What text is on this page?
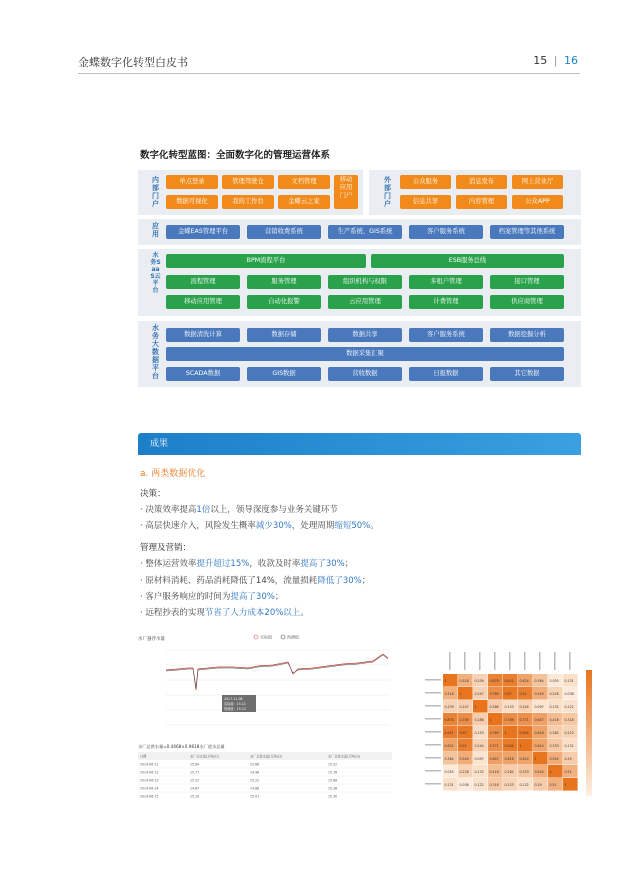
金蝶数字化转型白皮书	15 | 16
数字化转型蓝图：全面数字化的管理运营体系
内部门户
单点登录	管理驾驶仓	文档管理
数据可视化	我的工作台	金蝶云之家
移动应用门户
外部门户
公众服务	消息发布	网上营业厅
信息共享	内容管理	公众APP
应用	金蝶EAS管理平台	营销收费系统	生产系统、GIS系统	客户服务系统	档案管理等其他系统
水务SaaS云平台
BPM流程平台	ESB服务总线
流程管理	服务管理	组织机构与权限	多租户管理	接口管理
移动应用管理	自动化报警	云应用管理	计费管理	供应商管理
水务大数据平台
数据清洗计算	数据存储	数据共享	客户服务系统	数据挖掘分析
数据采集汇聚
SCADA数据	GIS数据	营收数据	日报数据	其它数据
成果
a. 两类数据优化
决策：
· 决策效率提高1倍以上，领导深度参与业务关键环节
· 高层快速介入，风险发生概率减少30%，处理周期缩短50%。
管理及营销：
· 整体运营效率提升超过15%，收款及时率提高了30%；
· 原材料消耗、药品消耗降低了14%，流量损耗降低了30%；
· 客户服务响应的时间为提高了30%；
· 远程抄表的实现节省了人力成本20%以上。
水厂悬浮水量	实际值	预测值
2017-11-08
实际值：15.11
预测值：15.12
水厂总供水量=0.4468×0.9618水厂进水总量
日期	水厂出水量(万吨/日)	水厂总供水量(万吨/日)	水厂总供水量(万吨/日)
2019-06-11	15.64	15.86	15.22
2019-06-12	15.77	14.98	15.78
2019-06-13	15.22	15.22	15.66
2019-06-14	14.87	14.88	15.26
2019-06-15	15.10	15.01	15.30
1	0.518 0.239 0.878 0.921 0.624 0.364 0.055 0.131
0.518 1	0.247 0.789 0.97 0.91 0.549 0.228 0.038
0.239 0.247 1	0.286 0.153 0.244 0.097 0.132 0.122
0.878 0.789 0.286 1	0.789 0.771 0.647 0.418 0.318
0.921 0.97 0.153 0.789 1	0.944 0.618 0.282 0.223
0.624 0.91 0.244 0.771 0.944 1	0.614 0.333 0.132
0.364 0.549 0.097 0.647 0.618 0.614 1	0.544 0.29
0.055 0.228 0.132 0.418 0.282 0.333 0.544 1	0.51
0.131 0.038 0.122 0.318 0.223 0.132 0.29 0.51 1
